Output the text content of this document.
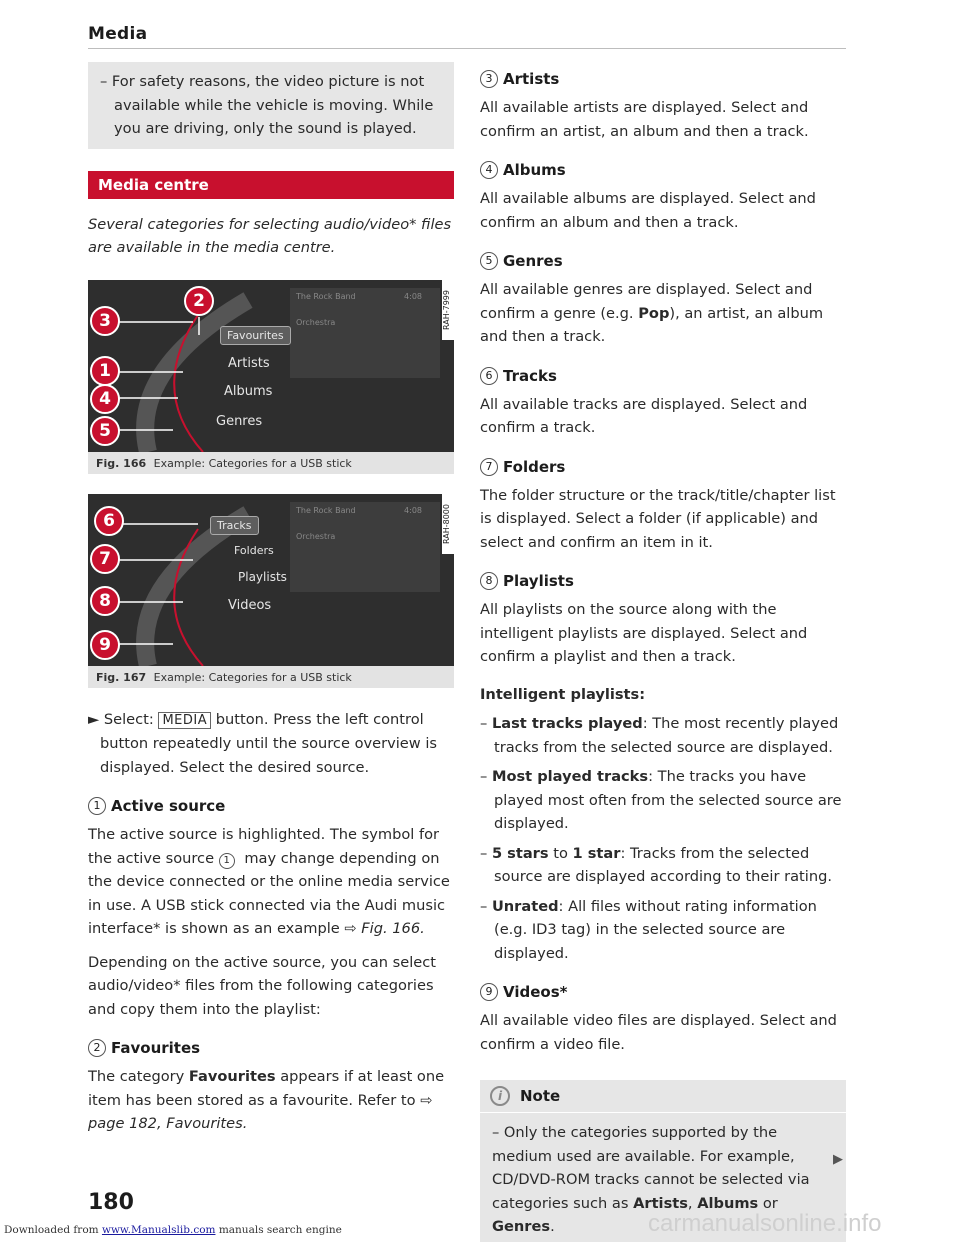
Media
– For safety reasons, the video picture is not available while the vehicle is moving. While you are driving, only the sound is played.
Media centre
Several categories for selecting audio/video* files are available in the media centre.
The Rock Band
Orchestra
4:08	RAH-7999
Favourites
Artists
Albums
Genres
2
3
1
4
5
Fig. 166 Example: Categories for a USB stick
The Rock Band
Orchestra
4:08	RAH-8000
Tracks
Folders
Playlists
Videos
6
7
8
9
Fig. 167 Example: Categories for a USB stick
► Select: MEDIA button. Press the left control button repeatedly until the source overview is displayed. Select the desired source.
1 Active source
The active source is highlighted. The symbol for the active source 1 may change depending on the device connected or the online media service in use. A USB stick connected via the Audi music interface* is shown as an example ⇨ Fig. 166.
Depending on the active source, you can select audio/video* files from the following categories and copy them into the playlist:
2 Favourites
The category Favourites appears if at least one item has been stored as a favourite. Refer to ⇨ page 182, Favourites.
3 Artists
All available artists are displayed. Select and confirm an artist, an album and then a track.
4 Albums
All available albums are displayed. Select and confirm an album and then a track.
5 Genres
All available genres are displayed. Select and confirm a genre (e.g. Pop), an artist, an album and then a track.
6 Tracks
All available tracks are displayed. Select and confirm a track.
7 Folders
The folder structure or the track/title/chapter list is displayed. Select a folder (if applicable) and select and confirm an item in it.
8 Playlists
All playlists on the source along with the intelligent playlists are displayed. Select and confirm a playlist and then a track.
Intelligent playlists:
– Last tracks played: The most recently played tracks from the selected source are displayed.
– Most played tracks: The tracks you have played most often from the selected source are displayed.
– 5 stars to 1 star: Tracks from the selected source are displayed according to their rating.
– Unrated: All files without rating information (e.g. ID3 tag) in the selected source are displayed.
9 Videos*
All available video files are displayed. Select and confirm a video file.
i	Note
– Only the categories supported by the medium used are available. For example, CD/DVD-ROM tracks cannot be selected via categories such as Artists, Albums or Genres.
▶
180
carmanualsonline.info
Downloaded from www.Manualslib.com manuals search engine
